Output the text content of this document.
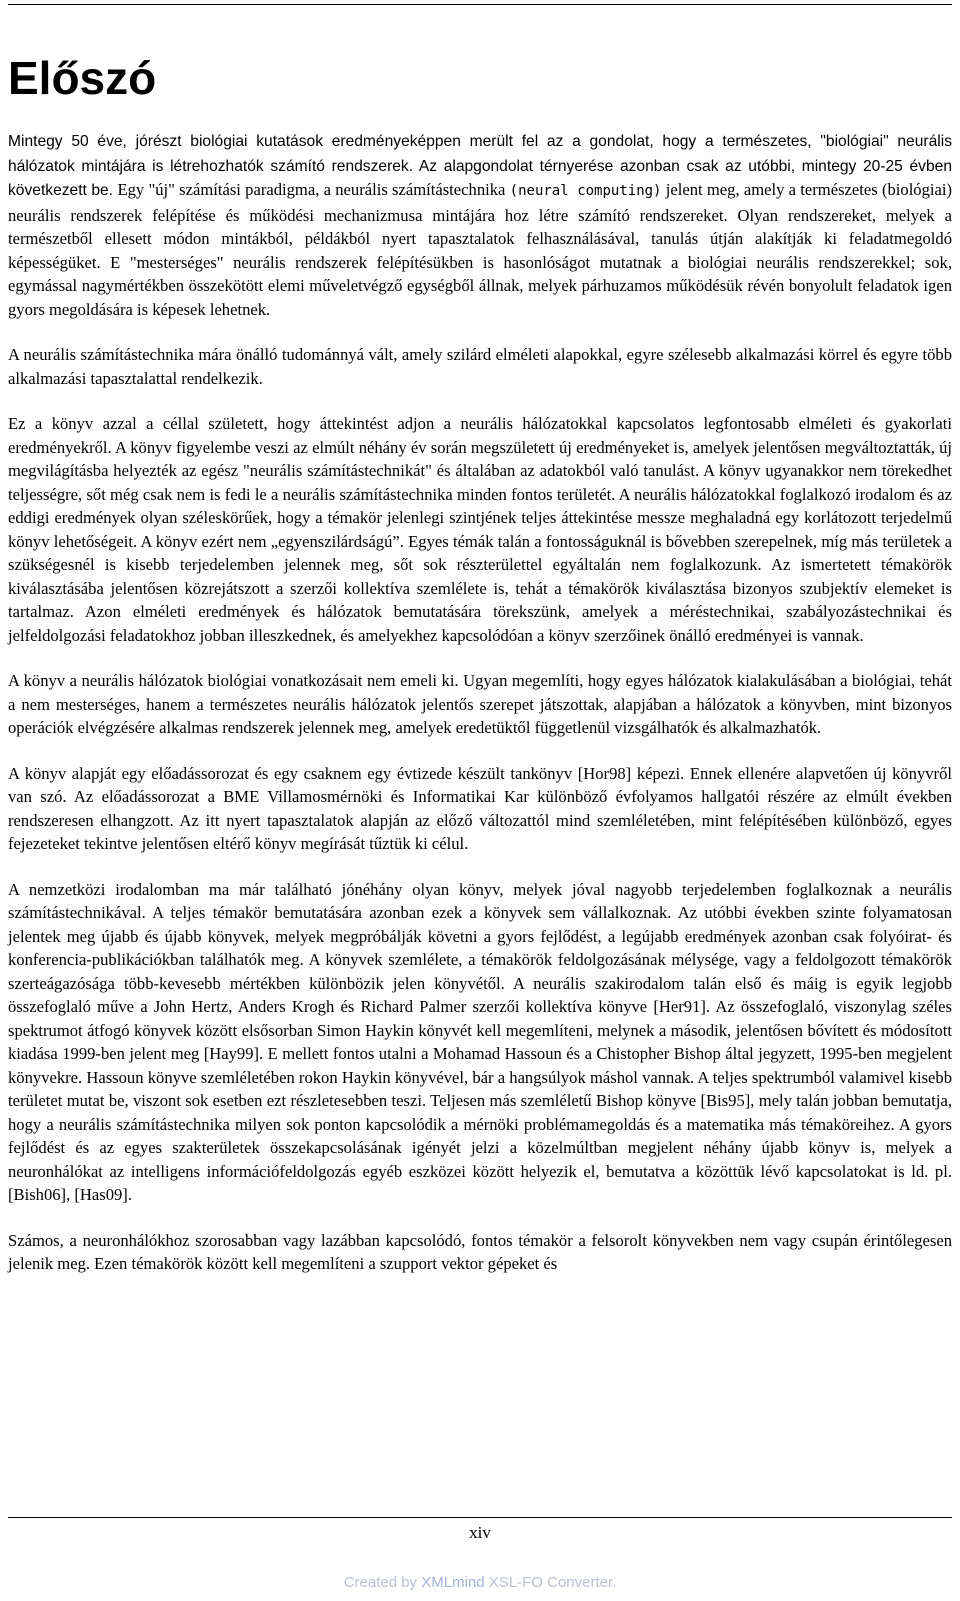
Előszó

Mintegy 50 éve, jórészt biológiai kutatások eredményeképpen merült fel az a gondolat, hogy a természetes, "biológiai" neurális hálózatok mintájára is létrehozhatók számító rendszerek. Az alapgondolat térnyerése azonban csak az utóbbi, mintegy 20-25 évben következett be. Egy "új" számítási paradigma, a neurális számítástechnika (neural computing) jelent meg, amely a természetes (biológiai) neurális rendszerek felépítése és működési mechanizmusa mintájára hoz létre számító rendszereket. Olyan rendszereket, melyek a természetből ellesett módon mintákból, példákból nyert tapasztalatok felhasználásával, tanulás útján alakítják ki feladatmegoldó képességüket. E "mesterséges" neurális rendszerek felépítésükben is hasonlóságot mutatnak a biológiai neurális rendszerekkel; sok, egymással nagymértékben összekötött elemi műveletvégző egységből állnak, melyek párhuzamos működésük révén bonyolult feladatok igen gyors megoldására is képesek lehetnek.

A neurális számítástechnika mára önálló tudománnyá vált, amely szilárd elméleti alapokkal, egyre szélesebb alkalmazási körrel és egyre több alkalmazási tapasztalattal rendelkezik.

Ez a könyv azzal a céllal született, hogy áttekintést adjon a neurális hálózatokkal kapcsolatos legfontosabb elméleti és gyakorlati eredményekről. A könyv figyelembe veszi az elmúlt néhány év során megszületett új eredményeket is, amelyek jelentősen megváltoztatták, új megvilágításba helyezték az egész "neurális számítástechnikát" és általában az adatokból való tanulást. A könyv ugyanakkor nem törekedhet teljességre, sőt még csak nem is fedi le a neurális számítástechnika minden fontos területét. A neurális hálózatokkal foglalkozó irodalom és az eddigi eredmények olyan széleskörűek, hogy a témakör jelenlegi szintjének teljes áttekintése messze meghaladná egy korlátozott terjedelmű könyv lehetőségeit. A könyv ezért nem „egyenszilárdságú”. Egyes témák talán a fontosságuknál is bővebben szerepelnek, míg más területek a szükségesnél is kisebb terjedelemben jelennek meg, sőt sok részterülettel egyáltalán nem foglalkozunk. Az ismertetett témakörök kiválasztásába jelentősen közrejátszott a szerzői kollektíva szemlélete is, tehát a témakörök kiválasztása bizonyos szubjektív elemeket is tartalmaz. Azon elméleti eredmények és hálózatok bemutatására törekszünk, amelyek a méréstechnikai, szabályozástechnikai és jelfeldolgozási feladatokhoz jobban illeszkednek, és amelyekhez kapcsolódóan a könyv szerzőinek önálló eredményei is vannak.

A könyv a neurális hálózatok biológiai vonatkozásait nem emeli ki. Ugyan megemlíti, hogy egyes hálózatok kialakulásában a biológiai, tehát a nem mesterséges, hanem a természetes neurális hálózatok jelentős szerepet játszottak, alapjában a hálózatok a könyvben, mint bizonyos operációk elvégzésére alkalmas rendszerek jelennek meg, amelyek eredetüktől függetlenül vizsgálhatók és alkalmazhatók.

A könyv alapját egy előadássorozat és egy csaknem egy évtizede készült tankönyv [Hor98] képezi. Ennek ellenére alapvetően új könyvről van szó. Az előadássorozat a BME Villamosmérnöki és Informatikai Kar különböző évfolyamos hallgatói részére az elmúlt években rendszeresen elhangzott. Az itt nyert tapasztalatok alapján az előző változattól mind szemléletében, mint felépítésében különböző, egyes fejezeteket tekintve jelentősen eltérő könyv megírását tűztük ki célul.

A nemzetközi irodalomban ma már található jónéhány olyan könyv, melyek jóval nagyobb terjedelemben foglalkoznak a neurális számítástechnikával. A teljes témakör bemutatására azonban ezek a könyvek sem vállalkoznak. Az utóbbi években szinte folyamatosan jelentek meg újabb és újabb könyvek, melyek megpróbálják követni a gyors fejlődést, a legújabb eredmények azonban csak folyóirat- és konferencia-publikációkban találhatók meg. A könyvek szemlélete, a témakörök feldolgozásának mélysége, vagy a feldolgozott témakörök szerteágazósága több-kevesebb mértékben különbözik jelen könyvétől. A neurális szakirodalom talán első és máig is egyik legjobb összefoglaló műve a John Hertz, Anders Krogh és Richard Palmer szerzői kollektíva könyve [Her91]. Az összefoglaló, viszonylag széles spektrumot átfogó könyvek között elsősorban Simon Haykin könyvét kell megemlíteni, melynek a második, jelentősen bővített és módosított kiadása 1999-ben jelent meg [Hay99]. E mellett fontos utalni a Mohamad Hassoun és a Chistopher Bishop által jegyzett, 1995-ben megjelent könyvekre. Hassoun könyve szemléletében rokon Haykin könyvével, bár a hangsúlyok máshol vannak. A teljes spektrumból valamivel kisebb területet mutat be, viszont sok esetben ezt részletesebben teszi. Teljesen más szemléletű Bishop könyve [Bis95], mely talán jobban bemutatja, hogy a neurális számítástechnika milyen sok ponton kapcsolódik a mérnöki problémamegoldás és a matematika más témaköreihez. A gyors fejlődést és az egyes szakterületek összekapcsolásának igényét jelzi a közelmúltban megjelent néhány újabb könyv is, melyek a neuronhálókat az intelligens információfeldolgozás egyéb eszközei között helyezik el, bemutatva a közöttük lévő kapcsolatokat is ld. pl. [Bish06], [Has09].

Számos, a neuronhálókhoz szorosabban vagy lazábban kapcsolódó, fontos témakör a felsorolt könyvekben nem vagy csupán érintőlegesen jelenik meg. Ezen témakörök között kell megemlíteni a szupport vektor gépeket és

xiv
Created by XMLmind XSL-FO Converter.
